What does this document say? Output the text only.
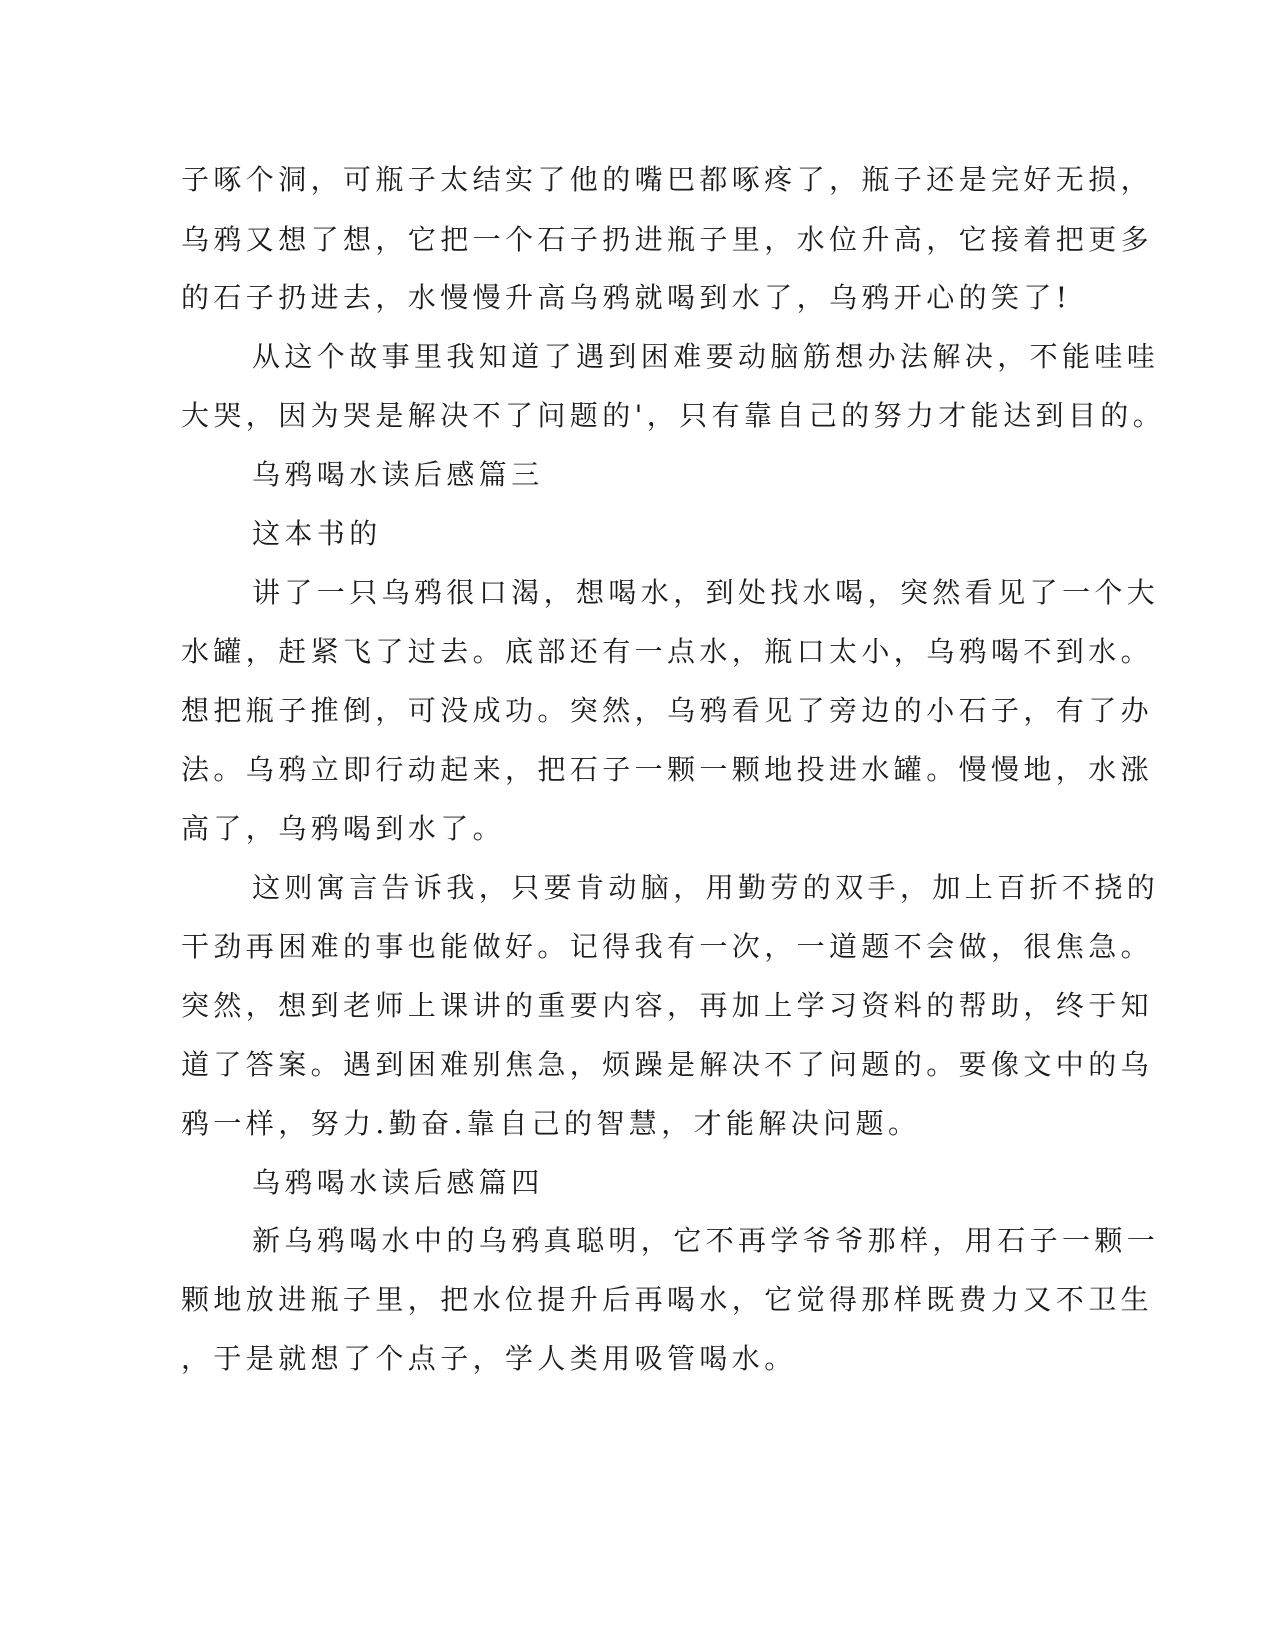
子啄个洞，可瓶子太结实了他的嘴巴都啄疼了，瓶子还是完好无损，
乌鸦又想了想，它把一个石子扔进瓶子里，水位升高，它接着把更多
的石子扔进去，水慢慢升高乌鸦就喝到水了，乌鸦开心的笑了!
从这个故事里我知道了遇到困难要动脑筋想办法解决，不能哇哇
大哭，因为哭是解决不了问题的'，只有靠自己的努力才能达到目的。
乌鸦喝水读后感篇三
这本书的
讲了一只乌鸦很口渴，想喝水，到处找水喝，突然看见了一个大
水罐，赶紧飞了过去。底部还有一点水，瓶口太小，乌鸦喝不到水。
想把瓶子推倒，可没成功。突然，乌鸦看见了旁边的小石子，有了办
法。乌鸦立即行动起来，把石子一颗一颗地投进水罐。慢慢地，水涨
高了，乌鸦喝到水了。
这则寓言告诉我，只要肯动脑，用勤劳的双手，加上百折不挠的
干劲再困难的事也能做好。记得我有一次，一道题不会做，很焦急。
突然，想到老师上课讲的重要内容，再加上学习资料的帮助，终于知
道了答案。遇到困难别焦急，烦躁是解决不了问题的。要像文中的乌
鸦一样，努力.勤奋.靠自己的智慧，才能解决问题。
乌鸦喝水读后感篇四
新乌鸦喝水中的乌鸦真聪明，它不再学爷爷那样，用石子一颗一
颗地放进瓶子里，把水位提升后再喝水，它觉得那样既费力又不卫生
，于是就想了个点子，学人类用吸管喝水。
